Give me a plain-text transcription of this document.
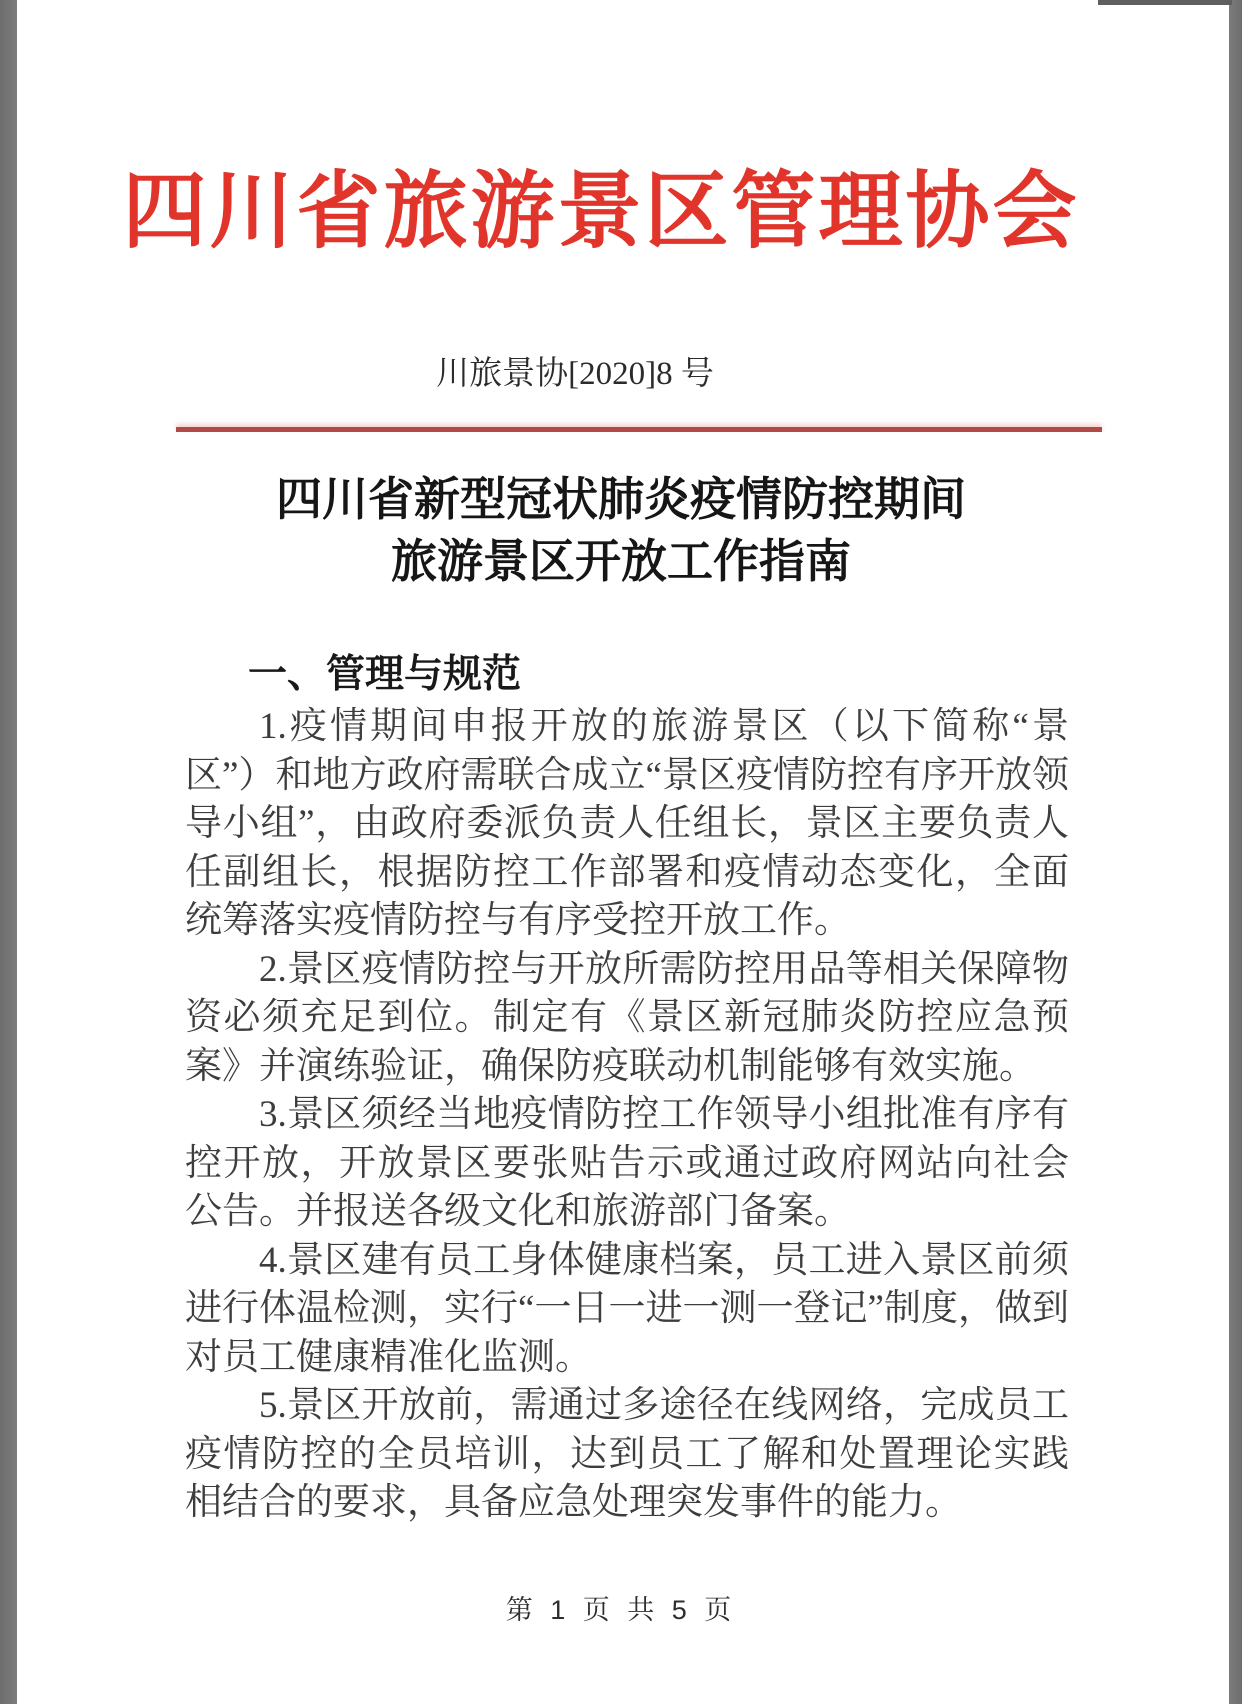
四川省旅游景区管理协会
川旅景协[2020]8 号
四川省新型冠状肺炎疫情防控期间
旅游景区开放工作指南
一、管理与规范

1.疫情期间申报开放的旅游景区（以下简称“景区”）和地方政府需联合成立“景区疫情防控有序开放领导小组”，由政府委派负责人任组长，景区主要负责人任副组长，根据防控工作部署和疫情动态变化，全面统筹落实疫情防控与有序受控开放工作。

2.景区疫情防控与开放所需防控用品等相关保障物资必须充足到位。制定有《景区新冠肺炎防控应急预案》并演练验证，确保防疫联动机制能够有效实施。

3.景区须经当地疫情防控工作领导小组批准有序有控开放，开放景区要张贴告示或通过政府网站向社会公告。并报送各级文化和旅游部门备案。

4.景区建有员工身体健康档案，员工进入景区前须进行体温检测，实行“一日一进一测一登记”制度，做到对员工健康精准化监测。

5.景区开放前，需通过多途径在线网络，完成员工疫情防控的全员培训，达到员工了解和处置理论实践相结合的要求，具备应急处理突发事件的能力。

第 1 页 共 5 页
